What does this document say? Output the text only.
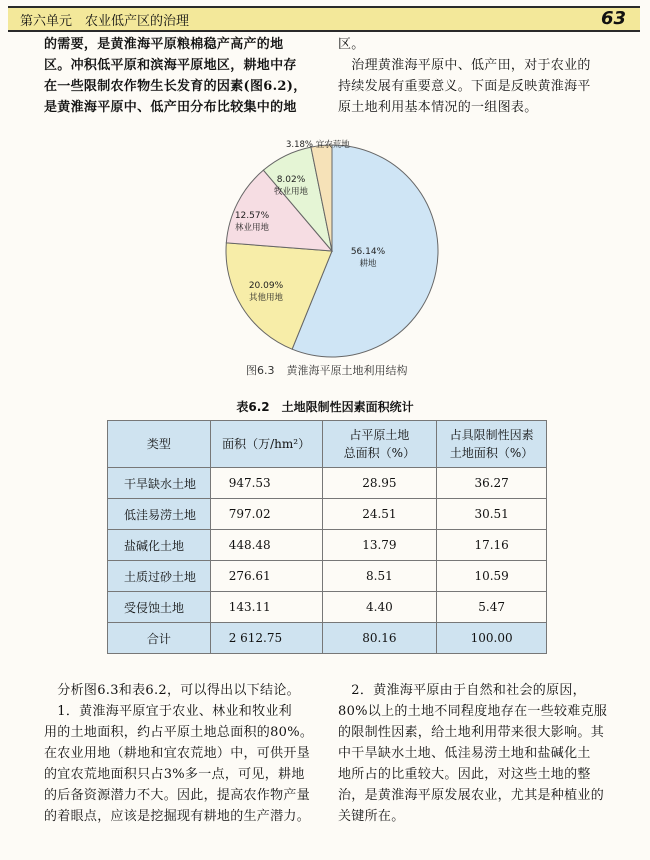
第六单元　农业低产区的治理	63
的需要，是黄淮海平原粮棉稳产高产的地
区。冲积低平原和滨海平原地区，耕地中存
在一些限制农作物生长发育的因素(图6.2)，
是黄淮海平原中、低产田分布比较集中的地
区。
　治理黄淮海平原中、低产田，对于农业的
持续发展有重要意义。下面是反映黄淮海平
原土地利用基本情况的一组图表。
56.14%
耕地
20.09%
其他用地
12.57%
林业用地
8.02%
牧业用地
3.18% 宜农荒地
图6.3 黄淮海平原土地利用结构
表6.2　土地限制性因素面积统计
类型	面积（万/hm²）	占平原土地
总面积（%）	占具限制性因素
土地面积（%）
干旱缺水土地	947.53	28.95	36.27
低洼易涝土地	797.02	24.51	30.51
盐碱化土地	448.48	13.79	17.16
土质过砂土地	276.61	8.51	10.59
受侵蚀土地	143.11	4.40	5.47
合计	2 612.75	80.16	100.00
　分析图6.3和表6.2，可以得出以下结论。
　1．黄淮海平原宜于农业、林业和牧业利
用的土地面积，约占平原土地总面积的80%。
在农业用地（耕地和宜农荒地）中，可供开垦
的宜农荒地面积只占3%多一点，可见，耕地
的后备资源潜力不大。因此，提高农作物产量
的着眼点，应该是挖掘现有耕地的生产潜力。
　2．黄淮海平原由于自然和社会的原因，
80%以上的土地不同程度地存在一些较难克服
的限制性因素，给土地利用带来很大影响。其
中干旱缺水土地、低洼易涝土地和盐碱化土
地所占的比重较大。因此，对这些土地的整
治，是黄淮海平原发展农业，尤其是种植业的
关键所在。
